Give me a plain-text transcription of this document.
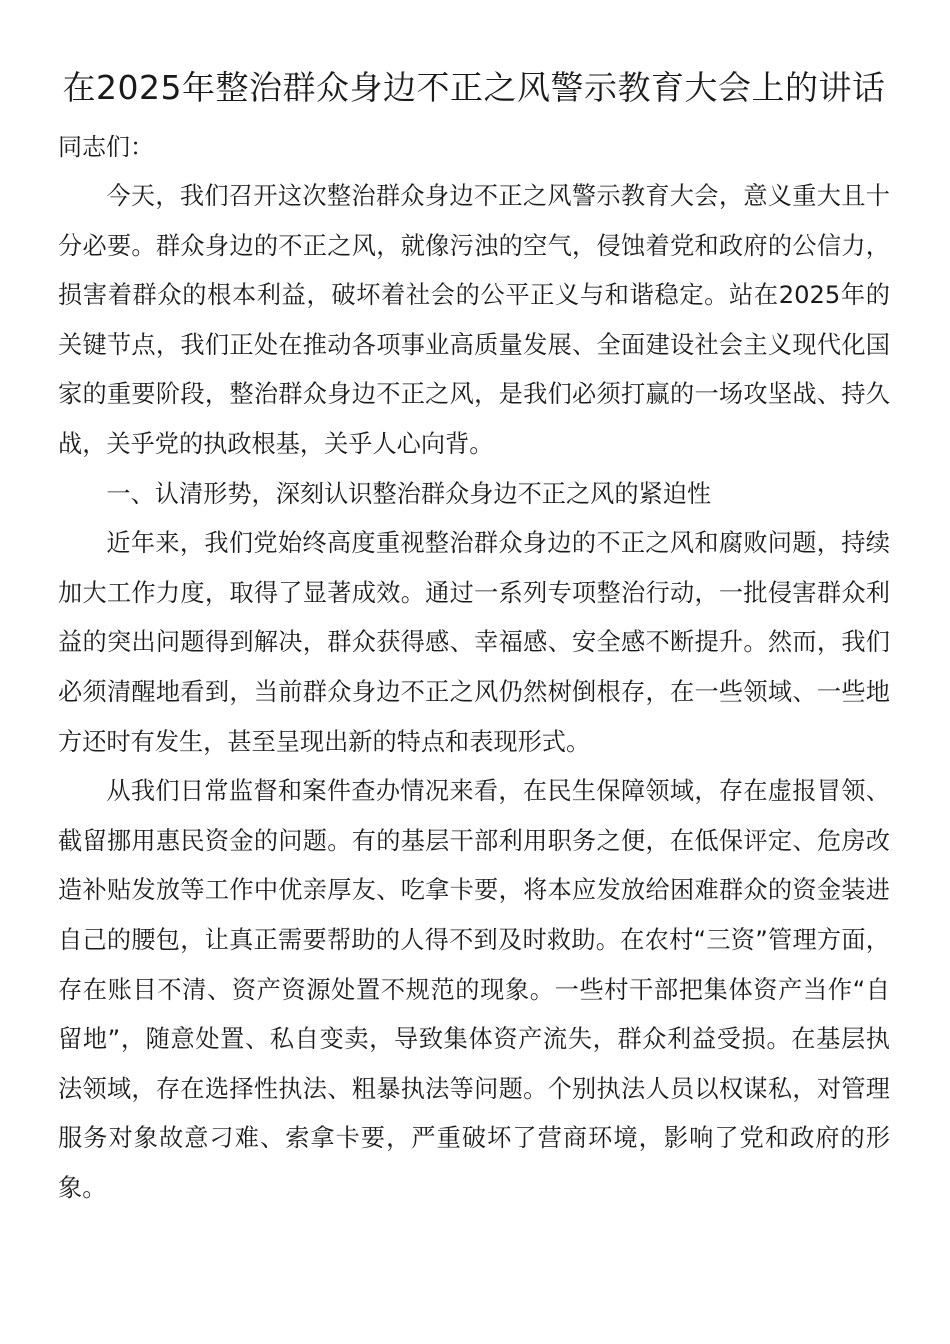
在2025年整治群众身边不正之风警示教育大会上的讲话

同志们：

今天，我们召开这次整治群众身边不正之风警示教育大会，意义重大且十分必要。群众身边的不正之风，就像污浊的空气，侵蚀着党和政府的公信力，损害着群众的根本利益，破坏着社会的公平正义与和谐稳定。站在2025年的关键节点，我们正处在推动各项事业高质量发展、全面建设社会主义现代化国家的重要阶段，整治群众身边不正之风，是我们必须打赢的一场攻坚战、持久战，关乎党的执政根基，关乎人心向背。

一、认清形势，深刻认识整治群众身边不正之风的紧迫性

近年来，我们党始终高度重视整治群众身边的不正之风和腐败问题，持续加大工作力度，取得了显著成效。通过一系列专项整治行动，一批侵害群众利益的突出问题得到解决，群众获得感、幸福感、安全感不断提升。然而，我们必须清醒地看到，当前群众身边不正之风仍然树倒根存，在一些领域、一些地方还时有发生，甚至呈现出新的特点和表现形式。

从我们日常监督和案件查办情况来看，在民生保障领域，存在虚报冒领、截留挪用惠民资金的问题。有的基层干部利用职务之便，在低保评定、危房改造补贴发放等工作中优亲厚友、吃拿卡要，将本应发放给困难群众的资金装进自己的腰包，让真正需要帮助的人得不到及时救助。在农村“三资”管理方面，存在账目不清、资产资源处置不规范的现象。一些村干部把集体资产当作“自留地”，随意处置、私自变卖，导致集体资产流失，群众利益受损。在基层执法领域，存在选择性执法、粗暴执法等问题。个别执法人员以权谋私，对管理服务对象故意刁难、索拿卡要，严重破坏了营商环境，影响了党和政府的形象。
